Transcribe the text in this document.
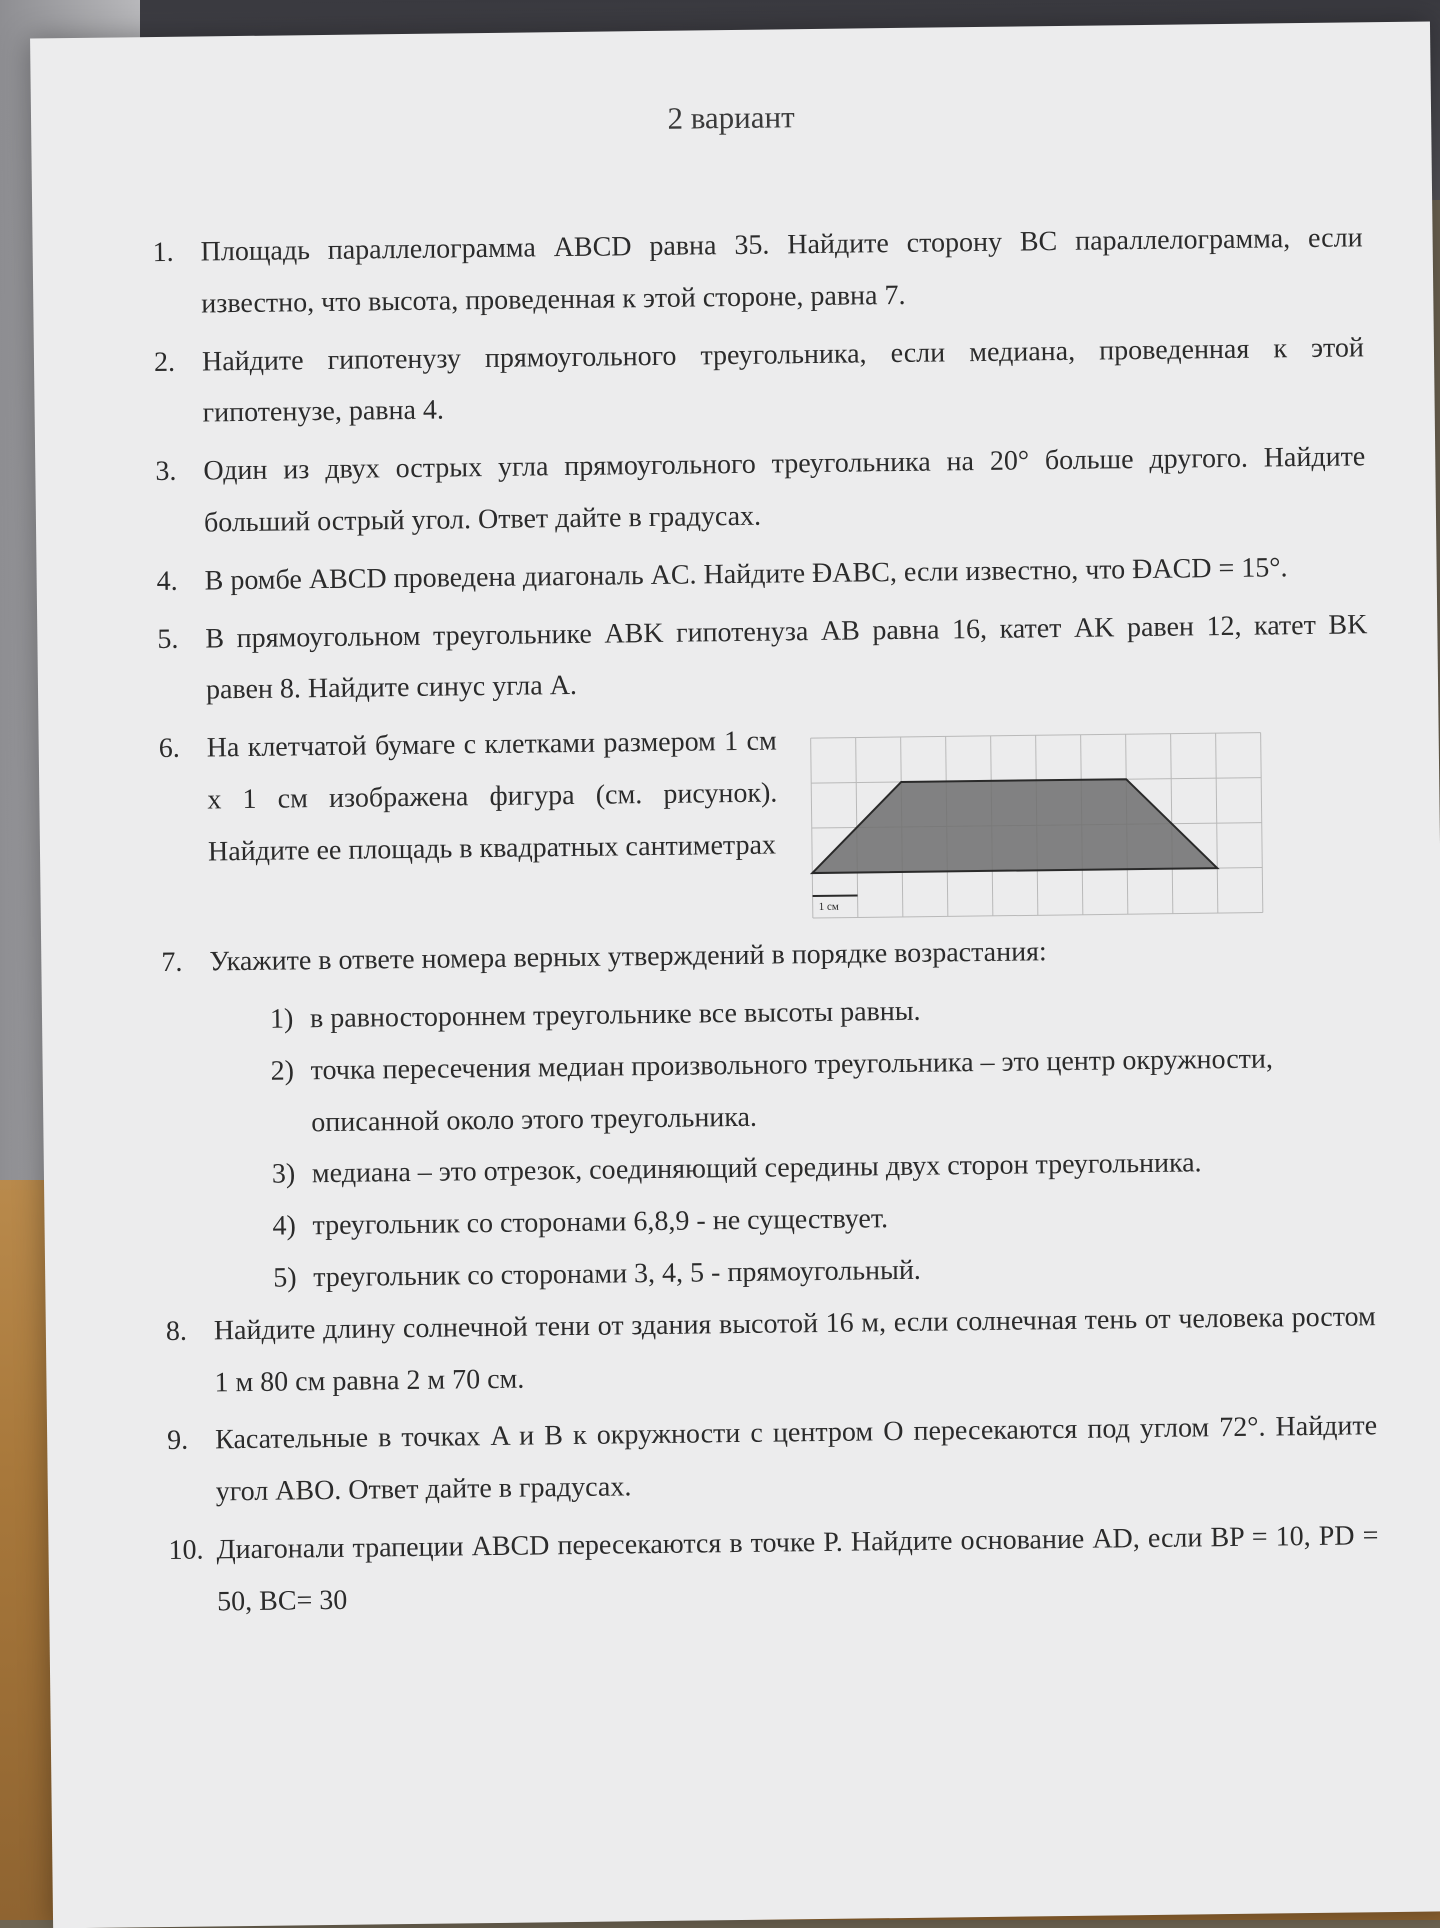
2 вариант
1. Площадь параллелограмма ABCD равна 35. Найдите сторону BC параллелограмма, если известно, что высота, проведенная к этой стороне, равна 7.
2. Найдите гипотенузу прямоугольного треугольника, если медиана, проведенная к этой гипотенузе, равна 4.
3. Один из двух острых угла прямоугольного треугольника на 20° больше другого. Найдите больший острый угол. Ответ дайте в градусах.
4. В ромбе ABCD проведена диагональ AC. Найдите ÐABC, если известно, что ÐACD = 15°.
5. В прямоугольном треугольнике ABK гипотенуза AB равна 16, катет AK равен 12, катет BK равен 8. Найдите синус угла A.
6. На клетчатой бумаге с клетками размером 1 см х 1 см изображена фигура (см. рисунок). Найдите ее площадь в квадратных сантиметрах
1 см
7. Укажите в ответе номера верных утверждений в порядке возрастания:
1) в равностороннем треугольнике все высоты равны.
2) точка пересечения медиан произвольного треугольника – это центр окружности, описанной около этого треугольника.
3) медиана – это отрезок, соединяющий середины двух сторон треугольника.
4) треугольник со сторонами 6,8,9 - не существует.
5) треугольник со сторонами 3, 4, 5 - прямоугольный.
8. Найдите длину солнечной тени от здания высотой 16 м, если солнечная тень от человека ростом 1 м 80 см равна 2 м 70 см.
9. Касательные в точках A и B к окружности с центром O пересекаются под углом 72°. Найдите угол ABO. Ответ дайте в градусах.
10. Диагонали трапеции ABCD пересекаются в точке P. Найдите основание AD, если BP = 10, PD = 50, BC= 30
